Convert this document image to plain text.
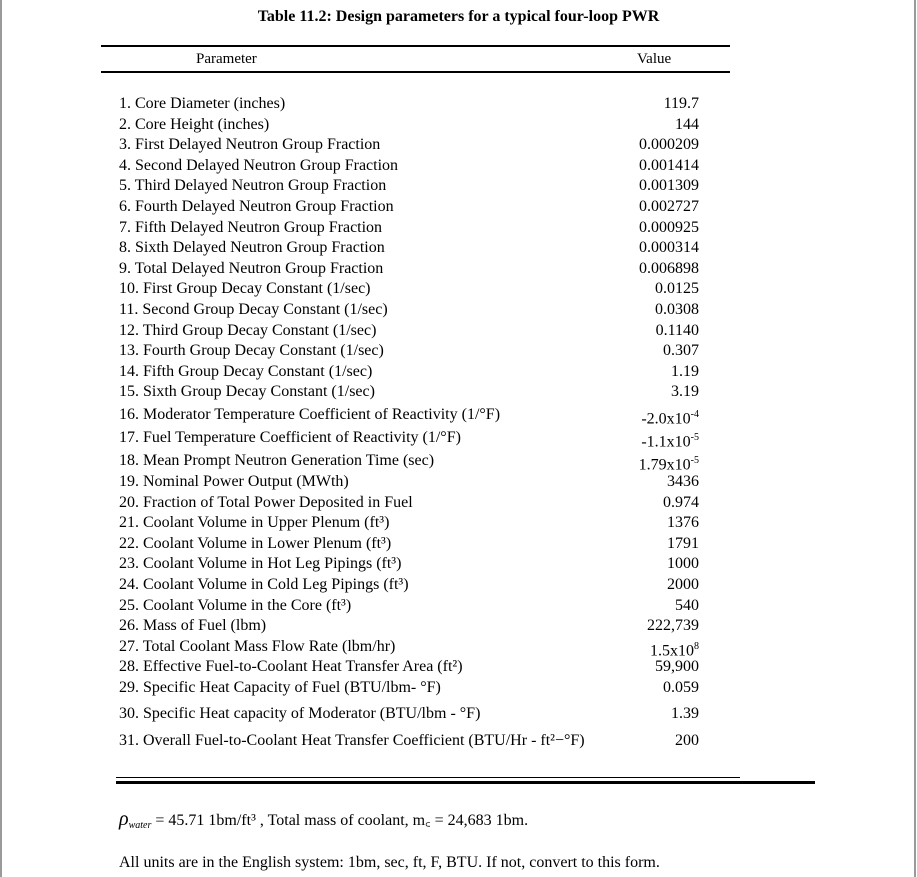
Table 11.2: Design parameters for a typical four-loop PWR
Parameter	Value
1. Core Diameter (inches)	119.7
2. Core Height (inches)	144
3. First Delayed Neutron Group Fraction	0.000209
4. Second Delayed Neutron Group Fraction	0.001414
5. Third Delayed Neutron Group Fraction	0.001309
6. Fourth Delayed Neutron Group Fraction	0.002727
7. Fifth Delayed Neutron Group Fraction	0.000925
8. Sixth Delayed Neutron Group Fraction	0.000314
9. Total Delayed Neutron Group Fraction	0.006898
10. First Group Decay Constant (1/sec)	0.0125
11. Second Group Decay Constant (1/sec)	0.0308
12. Third Group Decay Constant (1/sec)	0.1140
13. Fourth Group Decay Constant (1/sec)	0.307
14. Fifth Group Decay Constant (1/sec)	1.19
15. Sixth Group Decay Constant (1/sec)	3.19
16. Moderator Temperature Coefficient of Reactivity (1/°F)	$-2.0x10^{-4}$
17. Fuel Temperature Coefficient of Reactivity (1/°F)	$-1.1x10^{-5}$
18. Mean Prompt Neutron Generation Time (sec)	$1.79x10^{-5}$
19. Nominal Power Output (MWth)	3436
20. Fraction of Total Power Deposited in Fuel	0.974
21. Coolant Volume in Upper Plenum (ft³)	1376
22. Coolant Volume in Lower Plenum (ft³)	1791
23. Coolant Volume in Hot Leg Pipings (ft³)	1000
24. Coolant Volume in Cold Leg Pipings (ft³)	2000
25. Coolant Volume in the Core (ft³)	540
26. Mass of Fuel (lbm)	222,739
27. Total Coolant Mass Flow Rate (lbm/hr)	$1.5x10^8$
28. Effective Fuel-to-Coolant Heat Transfer Area (ft²)	59,900
29. Specific Heat Capacity of Fuel (BTU/lbm- °F)	0.059
30. Specific Heat capacity of Moderator (BTU/lbm - °F)	1.39
31. Overall Fuel-to-Coolant Heat Transfer Coefficient (BTU/Hr - ft²−°F)	200
$\rho_{water} = 45.71$ 1bm/ft³ , Total mass of coolant, m꜀ = 24,683 1bm.
All units are in the English system: 1bm, sec, ft, F, BTU. If not, convert to this form.
